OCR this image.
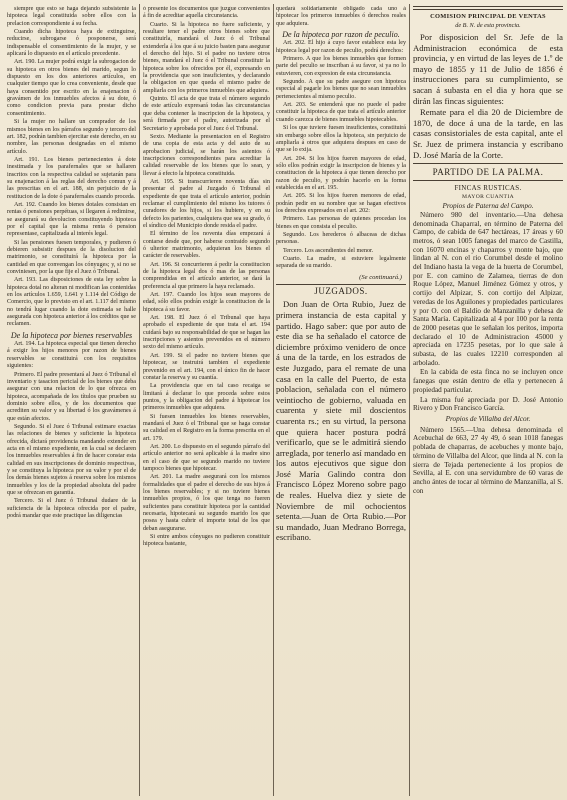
siempre que esto se haga dejando subsistente la hipoteca legal constituida sobre ellos con la prelacion correspondiente á su fecha.

Cuando dicha hipoteca haya de extinguirse, reducirse, subrogarse ó posponerse, será indispensable el consentimiento de la mujer, y se aplicará lo dispuesto en el artículo precedente.

Art. 190. La mujer podrá exigir la subrogacion de su hipoteca en otros bienes del marido, segun lo dispuesto en los dos anteriores artículos, en cualquier tiempo que lo crea conveniente, desde que haya consentido por escrito en la enajenacion ó gravámen de los inmuebles afectos á su dote, ó como condicion previa para prestar dicho consentimiento.

Si la mujer no hallare un comprador de los mismos bienes en los párrafos segundo y tercero del art. 182, podrán tambien ejercitar este derecho, en su nombre, las personas designadas en el mismo artículo.

Art. 191. Los bienes pertenecientes á dote inestimada y los parafernales que se hallaren inscritos con la respectiva calidad se sujetarán para su enajenacion á las reglas del derecho comun y á las prescritas en el art. 188, sin perjuicio de la restitucion de la dote ó parafernales cuando proceda.

Art. 192. Cuando los bienes dotales consistan en rentas ó pensiones perpétuas, si llegaren á redimirse, se asegurará su devolucion constituyendo hipoteca por el capital que la misma renta ó pension representase, capitalizada al interés legal.

Si las pensiones fuesen temporales, y pudieren ó debieren subsistir despues de la disolucion del matrimonio, se constituirá la hipoteca por la cantidad en que convengan los cónyuges; y, si no se conviniesen, por la que fije el Juez ó Tribunal.

Art. 193. Las disposiciones de esta ley sobre la hipoteca dotal no alteran ni modifican las contenidas en los artículos 1.659, 1.641 y 1.114 del Código de Comercio, que lo previsto en el art. 1.117 del mismo no tendrá lugar cuando la dote estimada se halle asegurada con hipoteca anterior á los créditos que se reclamen.

De la hipoteca por bienes reservables

Art. 194. La hipoteca especial que tienen derecho á exigir los hijos menores por razon de bienes reservables se constituirá con los requisitos siguientes:

Primero. El padre presentará al Juez ó Tribunal el inventario y tasacion pericial de los bienes que deba asegurar con una relacion de lo que ofrezca en hipoteca, acompañada de los títulos que prueben su dominio sobre ellos, y de los documentos que acrediten su valor y su libertad ó los gravámenes á que están afectos.

Segundo. Si el Juez ó Tribunal estimare exactas las relaciones de bienes y suficiente la hipoteca ofrecida, dictará providencia mandando extender en acta en el mismo expediente, en la cual se declaren los inmuebles reservables á fin de hacer constar esta calidad en sus inscripciones de dominio respectivas, y se constituya la hipoteca por su valor y por el de los demás bienes sujetos á reserva sobre los mismos inmuebles y los de la propiedad absoluta del padre que se ofrezcan en garantía.

Tercero. Si el Juez ó Tribunal dudare de la suficiencia de la hipoteca ofrecida por el padre, podrá mandar que este practique las diligencias

ó presente los documentos que juzgue convenientes á fin de acreditar aquella circunstancia.

Cuarto. Si la hipoteca no fuere suficiente, y resultare tener el padre otros bienes sobre que constituirla, mandará el Juez ó el Tribunal extenderla á los que á su juicio basten para asegurar el derecho del hijo. Si el padre no tuviere otros bienes, mandará el Juez ó el Tribunal constituir la hipoteca sobre los ofrecidos por él, expresando en la providencia que son insuficientes, y declarando la obligacion en que queda el mismo padre de ampliarla con los primeros inmuebles que adquiera.

Quinto. El acta de que trata el número segundo de este artículo expresará todas las circunstancias que deba contener la inscripcion de la hipoteca, y será firmada por el padre, autorizada por el Secretario y aprobada por el Juez ó el Tribunal.

Sexto. Mediante la presentacion en el Registro de una copia de esta acta y del auto de su aprobacion judicial, se harán los asientos ó inscripciones correspondientes para acreditar la calidad reservable de los bienes que lo sean, y llevar á efecto la hipoteca constituida.

Art. 195. Si transcurrieren noventa días sin presentar el padre al Juzgado ó Tribunal el expediente de que trata el artículo anterior, podrán reclamar el cumplimiento del mismo los tutores ó curadores de los hijos, si los hubiere, y en su defecto los parientes, cualquiera que sea su grado, ó el síndico del Municipio donde resida el padre.

El término de los noventa días empezará á contarse desde que, por haberse contraido segundo ó ulterior matrimonio, adquieran los bienes el carácter de reservables.

Art. 196. Si concurrieren á pedir la constitucion de la hipoteca legal dos ó mas de las personas comprendidas en el artículo anterior, se dará la preferencia al que primero la haya reclamado.

Art. 197. Cuando los hijos sean mayores de edad, sólo ellos podrán exigir la constitucion de la hipoteca á su favor.

Art. 198. El Juez ó el Tribunal que haya aprobado el expediente de que trata el art. 194 cuidará bajo su responsabilidad de que se hagan las inscripciones y asientos prevenidos en el número sexto del mismo artículo.

Art. 199. Si el padre no tuviere bienes que hipotecar, se instruirá tambien el expediente prevenido en el art. 194, con el único fin de hacer constar la reserva y su cuantía.

La providencia que en tal caso recaiga se limitará á declarar lo que proceda sobre estos puntos, y la obligacion del padre á hipotecar los primeros inmuebles que adquiera.

Si fuesen inmuebles los bienes reservables, mandará el Juez ó el Tribunal que se haga constar su calidad en el Registro en la forma prescrita en el art. 179.

Art. 200. Lo dispuesto en el segundo párrafo del artículo anterior no será aplicable á la madre sino en el caso de que se segundo marido no tuviere tampoco bienes que hipotecar.

Art. 201. La madre asegurará con los mismos formalidades que el padre el derecho de sus hijos á los bienes reservables; y si no tuviere bienes inmuebles propios, ó los que tenga no fueren suficientes para constituir hipoteca por la cantidad necesaria, hipotecará su segundo marido los que posea y hasta cubrir el importe total de los que deban asegurarse.

Si entre ambos cónyuges no pudieren constituir hipoteca bastante,

quedará solidariamente obligado cada uno á hipotecar los primeros inmuebles ó derechos reales que adquiera.

De la hipoteca por razon de peculio.

Art. 202. El hijo á cuyo favor establece esta ley hipoteca legal por razon de peculio, podrá derechos:

Primero. A que los bienes inmuebles que formen parte del peculio se inscriban á su favor, si ya no lo estuvieren, con expresion de esta circunstancia.

Segundo. A que su padre asegure con hipoteca especial al pagarle los bienes que no sean inmuebles pertenecientes al mismo peculio.

Art. 203. Se entenderá que no puede el padre constituir la hipoteca de que trata el artículo anterior cuando carezca de bienes inmuebles hipotecables.

Si los que tuviere fuesen insuficientes, constituirá sin embargo sobre ellos la hipoteca, sin perjuicio de ampliarla á otros que adquiera despues en caso de que se lo exija.

Art. 204. Si los hijos fueren mayores de edad, sólo ellos podrán exigir la inscripcion de bienes y la constitucion de la hipoteca á que tienen derecho por razon de peculio, y podrán hacerlo en la forma establecida en el art. 195.

Art. 205. Si los hijos fueren menores de edad, podrán pedir en su nombre que se hagan efectivos los derechos expresados en el art. 202:

Primero. Las personas de quienes procedan los bienes en que consista el peculio.

Segundo. Los herederos ó albaceas de dichas personas.

Tercero. Los ascendientes del menor.

Cuarto. La madre, si estuviere legalmente separada de su marido.

(Se continuará.)

JUZGADOS.

Don Juan de Orta Rubio, Juez de primera instancia de esta capital y partido. Hago saber: que por auto de este dia se ha señalado el catorce de diciembre próximo venidero de once á una de la tarde, en los estrados de este Juzgado, para el remate de una casa en la calle del Puerto, de esta poblacion, señalada con el número veintiocho de gobierno, valuada en cuarenta y siete mil doscientos cuarenta rs.; en su virtud, la persona que quiera hacer postura podrá verificarlo, que se le admitirá siendo arreglada, por tenerlo así mandado en los autos ejecutivos que sigue don José María Galindo contra don Francisco López Moreno sobre pago de reales. Huelva diez y siete de Noviembre de mil ochocientos setenta.—Juan de Orta Rubio.—Por su mandado, Juan Medrano Borrega, escribano.

COMISION PRINCIPAL DE VENTAS
de B. N. de esta provincia.

Por disposicion del Sr. Jefe de la Administracion económica de esta provincia, y en virtud de las leyes de 1.º de mayo de 1855 y 11 de Julio de 1856 é instrucciones para su cumplimiento, se sacan á subasta en el dia y hora que se dirán las fincas siguientes:

Remate para el dia 20 de Diciembre de 1870, de doce á una de la tarde, en las casas consistoriales de esta capital, ante el Sr. Juez de primera instancia y escribano D. José María de la Corte.

PARTIDO DE LA PALMA.
FINCAS RUSTICAS.
MAYOR CUANTIA
Propios de Paterna del Campo.

Número 980 del inventario.—Una dehesa denominada Chaparral, en término de Paterna del Campo, de cabida de 647 hectáreas, 17 áreas y 60 metros, ó sean 1005 fanegas del marco de Castilla, con 16070 encinas y chaparros y monte bajo, que lindan al N. con el rio Corumbel desde el molino del Indiano hasta la vega de la huerta de Corumbel, por E. con camino de Zalamea, tierras de don Roque López, Manuel Jiménez Gómez y otros, y cortijo del Alpizar, S. con cortijo del Alpizar, veredas de los Aguilones y propiedades particulares y por O. con el Baldío de Manzanilla y dehesa de Santa María. Capitalizada al 4 por 100 por la renta de 2000 pesetas que le señalan los peritos, importa declarado el 10 de Administracion 45000 y apreciada en 17235 pesetas, por lo que sale á subasta, de las cuales 12210 corresponden al arbolado.

En la cabida de esta finca no se incluyen once fanegas que están dentro de ella y pertenecen á propiedad particular.

La misma fué apreciada por D. José Antonio Rivero y Don Francisco García.

Propios de Villalba del Alcor.

Número 1565.—Una dehesa denominada el Acebuchal de 663, 27 4y 49, ó sean 1018 fanegas poblada de chaparras, de acebuches y monte bajo, término de Villalba del Alcor, que linda al N. con la sierra de Tejada perteneciente á los propios de Sevilla, al E. con una servidumbre de 60 varas de ancho ántes de tocar al término de Manzanilla, al S. con
